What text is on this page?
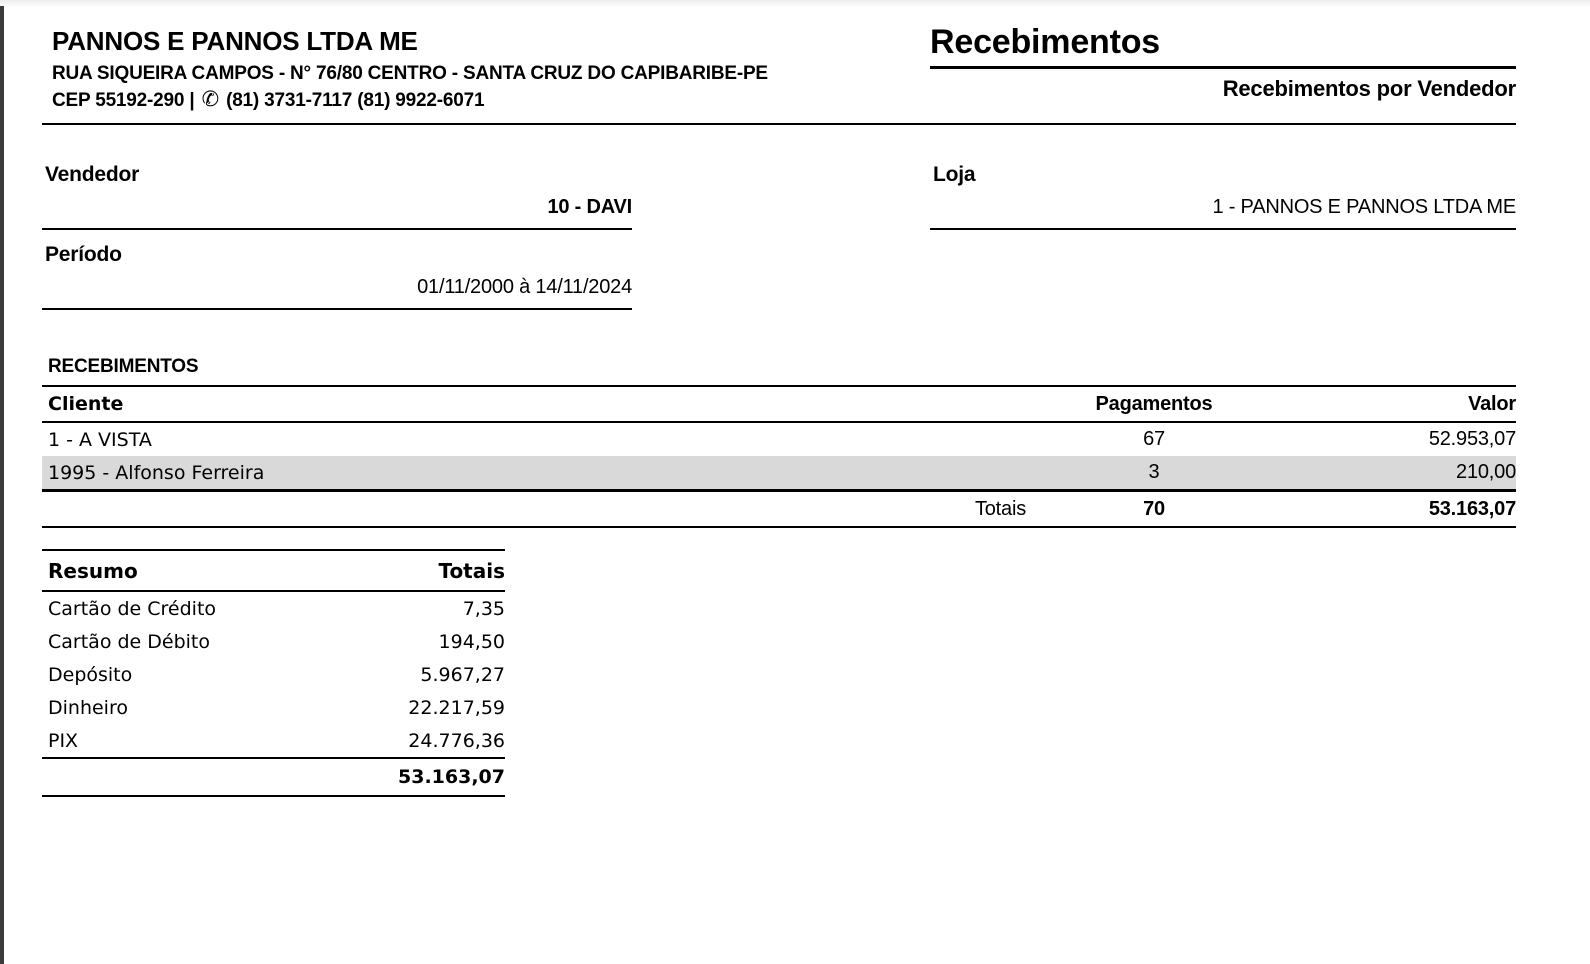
PANNOS E PANNOS LTDA ME
RUA SIQUEIRA CAMPOS - N° 76/80 CENTRO - SANTA CRUZ DO CAPIBARIBE-PE
CEP 55192-290 | ✆ (81) 3731-7117 (81) 9922-6071
Recebimentos
Recebimentos por Vendedor
Vendedor
10 - DAVI
Loja
1 - PANNOS E PANNOS LTDA ME
Período
01/11/2000 à 14/11/2024
RECEBIMENTOS
Cliente	Pagamentos	Valor
1 - A VISTA	67	52.953,07
1995 - Alfonso Ferreira	3	210,00
Totais	70	53.163,07
Resumo	Totais
Cartão de Crédito	7,35
Cartão de Débito	194,50
Depósito	5.967,27
Dinheiro	22.217,59
PIX	24.776,36
53.163,07
